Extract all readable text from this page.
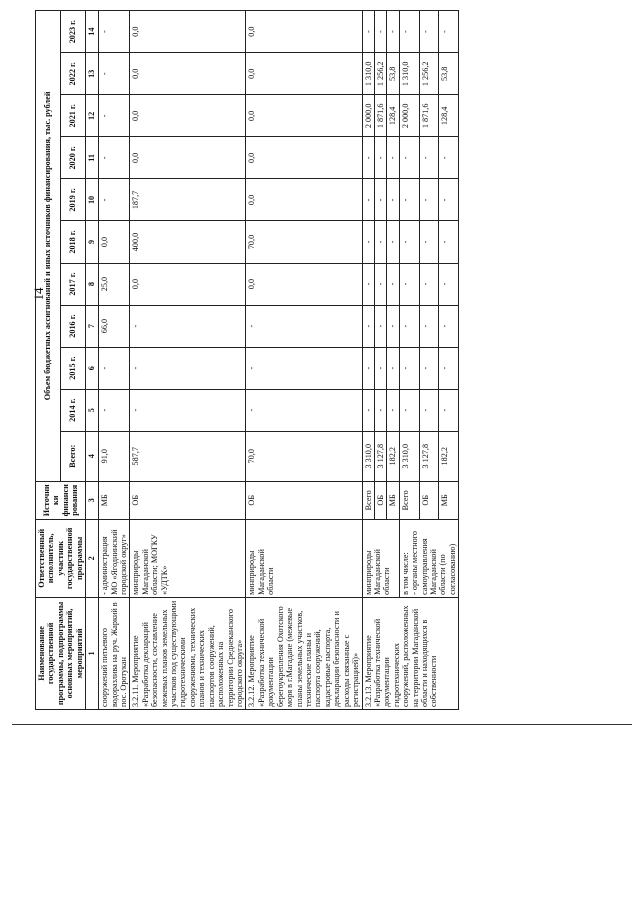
14
Наименование государственной программы, подпрограммы основных мероприятий, мероприятий	Ответственный исполнитель, участник государственной программы	Источники финансирования	Объем бюджетных ассигнований и иных источников финансирования, тыс. рублей										
			Всего:	2014 г.	2015 г.	2016 г.	2017 г.	2018 г.	2019 г.	2020 г.	2021 г.	2022 г.	2023 г.
1	2	3	4	5	6	7	8	9	10	11	12	13	14
сооружений питьевого водоразлива на руч. Жаркий в пос. Оротукан	- администрация МО «Ягоднинский городской округ»	МБ	91,0	-	-	66,0	25,0	0,0	-	-	-	-	-
3.2.11. Мероприятие «Разработка деклараций безопасности, составление межевых планов земельных участков под существующими гидротехническими сооружениями, технических планов и технических паспортов сооружений, расположенных на территории Среднеканского городского округа»	минприроды Магаданской области; МОГКУ «УДТК»	ОБ	587,7	-	-	-	0,0	400,0	187,7	0,0	0,0	0,0	0,0
3.2.12. Мероприятие «Разработка технической документации берегоукрепления Охотского моря в г.Магадане (межевые планы земельных участков, технические планы и паспорта сооружений, кадастровые паспорта, декларации безопасности и расходы связанные с регистрацией)»	минприроды Магаданской области	ОБ	70,0	-	-	-	0,0	70,0	0,0	0,0	0,0	0,0	0,0
3.2.13. Мероприятие «Разработка технической документации гидротехнических сооружений, расположенных на территории Магаданской области и находящихся в собственности	минприроды Магаданской области	Всего	3 310,0	-	-	-	-	-	-	-	2 000,0	1 310,0	-
		ОБ	3 127,8	-	-	-	-	-	-	-	1 871,6	1 256,2	-
		МБ	182,2	-	-	-	-	-	-	-	128,4	53,8	-

	в том числе: - органы местного самоуправления Магаданской области (по согласованию)	Всего	3 310,0	-	-	-	-	-	-	-	2 000,0	1 310,0	-
		ОБ	3 127,8	-	-	-	-	-	-	-	1 871,6	1 256,2	-
		МБ	182,2	-	-	-	-	-	-	-	128,4	53,8	-
